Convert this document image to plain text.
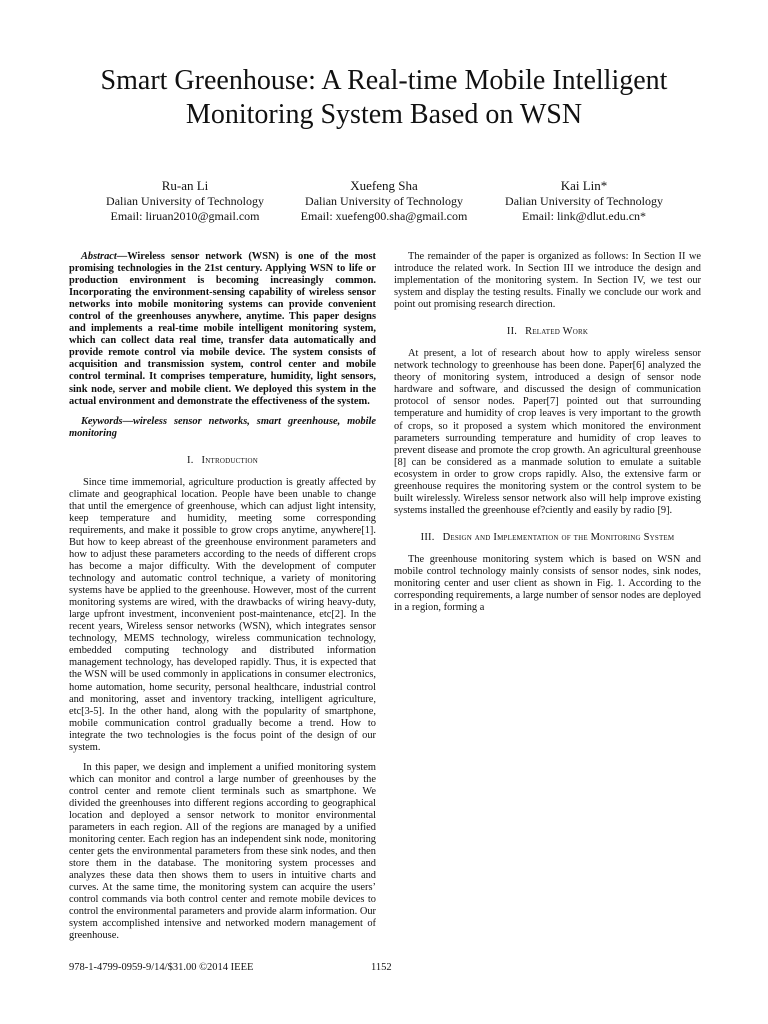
Smart Greenhouse: A Real-time Mobile Intelligent
Monitoring System Based on WSN
Ru-an Li
Dalian University of Technology
Email: liruan2010@gmail.com
Xuefeng Sha
Dalian University of Technology
Email: xuefeng00.sha@gmail.com
Kai Lin*
Dalian University of Technology
Email: link@dlut.edu.cn*

Abstract—Wireless sensor network (WSN) is one of the most promising technologies in the 21st century. Applying WSN to life or production environment is becoming increasingly common. Incorporating the environment-sensing capability of wireless sensor networks into mobile monitoring systems can provide convenient control of the greenhouses anywhere, anytime. This paper designs and implements a real-time mobile intelligent monitoring system, which can collect data real time, transfer data automatically and provide remote control via mobile device. The system consists of acquisition and transmission system, control center and mobile control terminal. It comprises temperature, humidity, light sensors, sink node, server and mobile client. We deployed this system in the actual environment and demonstrate the effectiveness of the system.

Keywords—wireless sensor networks, smart greenhouse, mobile monitoring

I. Introduction

Since time immemorial, agriculture production is greatly affected by climate and geographical location. People have been unable to change that until the emergence of greenhouse, which can adjust light intensity, keep temperature and humidity, meeting some corresponding requirements, and make it possible to grow crops anytime, anywhere[1]. But how to keep abreast of the greenhouse environment parameters and how to adjust these parameters according to the needs of different crops has become a major difficulty. With the development of computer technology and automatic control technique, a variety of monitoring systems have be applied to the greenhouse. However, most of the current monitoring systems are wired, with the drawbacks of wiring heavy-duty, large upfront investment, inconvenient post-maintenance, etc[2]. In the recent years, Wireless sensor networks (WSN), which integrates sensor technology, MEMS technology, wireless communication technology, embedded computing technology and distributed information management technology, has developed rapidly. Thus, it is expected that the WSN will be used commonly in applications in consumer electronics, home automation, home security, personal healthcare, industrial control and monitoring, asset and inventory tracking, intelligent agriculture, etc[3-5]. In the other hand, along with the popularity of smartphone, mobile communication control gradually become a trend. How to integrate the two technologies is the focus point of the design of our system.

In this paper, we design and implement a unified monitoring system which can monitor and control a large number of greenhouses by the control center and remote client terminals such as smartphone. We divided the greenhouses into different regions according to geographical location and deployed a sensor network to monitor environmental parameters in each region. All of the regions are managed by a unified monitoring center. Each region has an independent sink node, monitoring center gets the environmental parameters from these sink nodes, and then store them in the database. The monitoring system processes and analyzes these data then shows them to users in intuitive charts and curves. At the same time, the monitoring system can acquire the users’ control commands via both control center and remote mobile devices to control the environmental parameters and provide alarm information. Our system accomplished intensive and networked modern management of greenhouse.

The remainder of the paper is organized as follows: In Section II we introduce the related work. In Section III we introduce the design and implementation of the monitoring system. In Section IV, we test our system and display the testing results. Finally we conclude our work and point out promising research direction.

II. Related Work

At present, a lot of research about how to apply wireless sensor network technology to greenhouse has been done. Paper[6] analyzed the theory of monitoring system, introduced a design of sensor node hardware and software, and discussed the design of communication protocol of sensor nodes. Paper[7] pointed out that surrounding temperature and humidity of crop leaves is very important to the growth of crops, so it proposed a system which monitored the environment parameters surrounding temperature and humidity of crop leaves to prevent disease and promote the crop growth. An agricultural greenhouse [8] can be considered as a manmade solution to emulate a suitable ecosystem in order to grow crops rapidly. Also, the extensive farm or greenhouse requires the monitoring system or the control system to be built wirelessly. Wireless sensor network also will help improve existing systems installed the greenhouse ef?ciently and easily by radio [9].

III. Design and Implementation of the Monitoring System

The greenhouse monitoring system which is based on WSN and mobile control technology mainly consists of sensor nodes, sink nodes, monitoring center and user client as shown in Fig. 1. According to the corresponding requirements, a large number of sensor nodes are deployed in a region, forming a

978-1-4799-0959-9/14/$31.00 ©2014 IEEE	1152
